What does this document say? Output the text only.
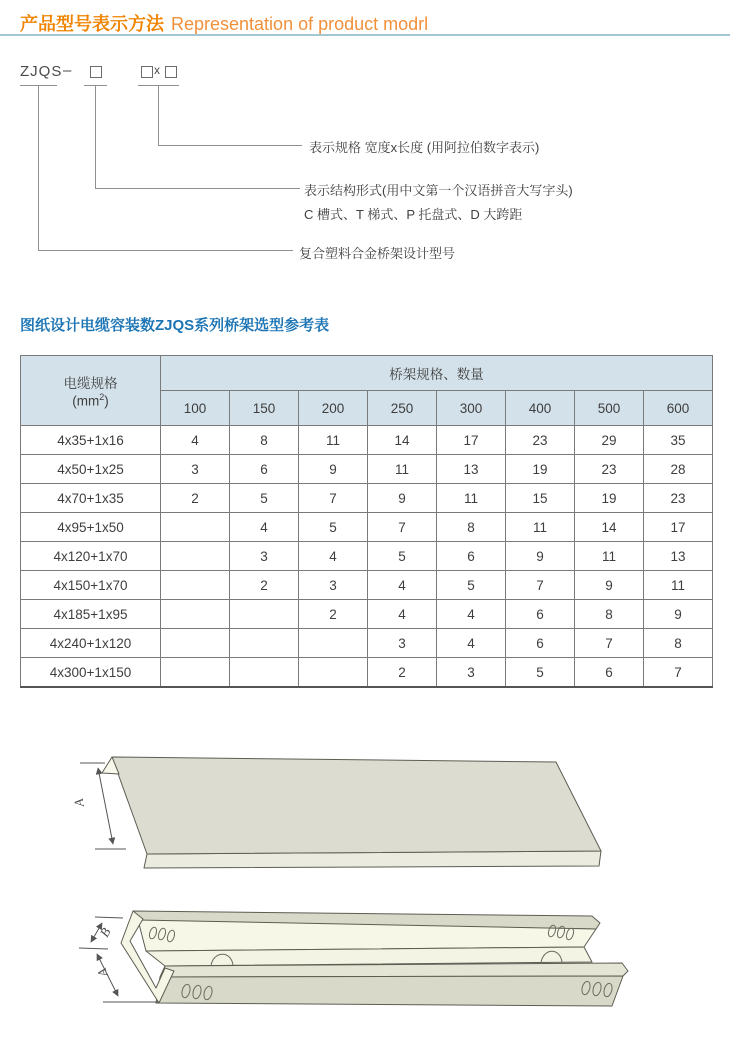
产品型号表示方法 Representation of product modrl
ZJQS –	x
表示规格 宽度x长度 (用阿拉伯数字表示)
表示结构形式(用中文第一个汉语拼音大写字头)
C 槽式、T 梯式、P 托盘式、D 大跨距
复合塑料合金桥架设计型号
图纸设计电缆容装数ZJQS系列桥架选型参考表
电缆规格
$(mm^2)$	桥架规格、数量							
	100	150	200	250	300	400	500	600
4x35+1x16	4	8	11	14	17	23	29	35
4x50+1x25	3	6	9	11	13	19	23	28
4x70+1x35	2	5	7	9	11	15	19	23
4x95+1x50		4	5	7	8	11	14	17
4x120+1x70		3	4	5	6	9	11	13
4x150+1x70		2	3	4	5	7	9	11
4x185+1x95			2	4	4	6	8	9
4x240+1x120				3	4	6	7	8
4x300+1x150				2	3	5	6	7
A
B
A
